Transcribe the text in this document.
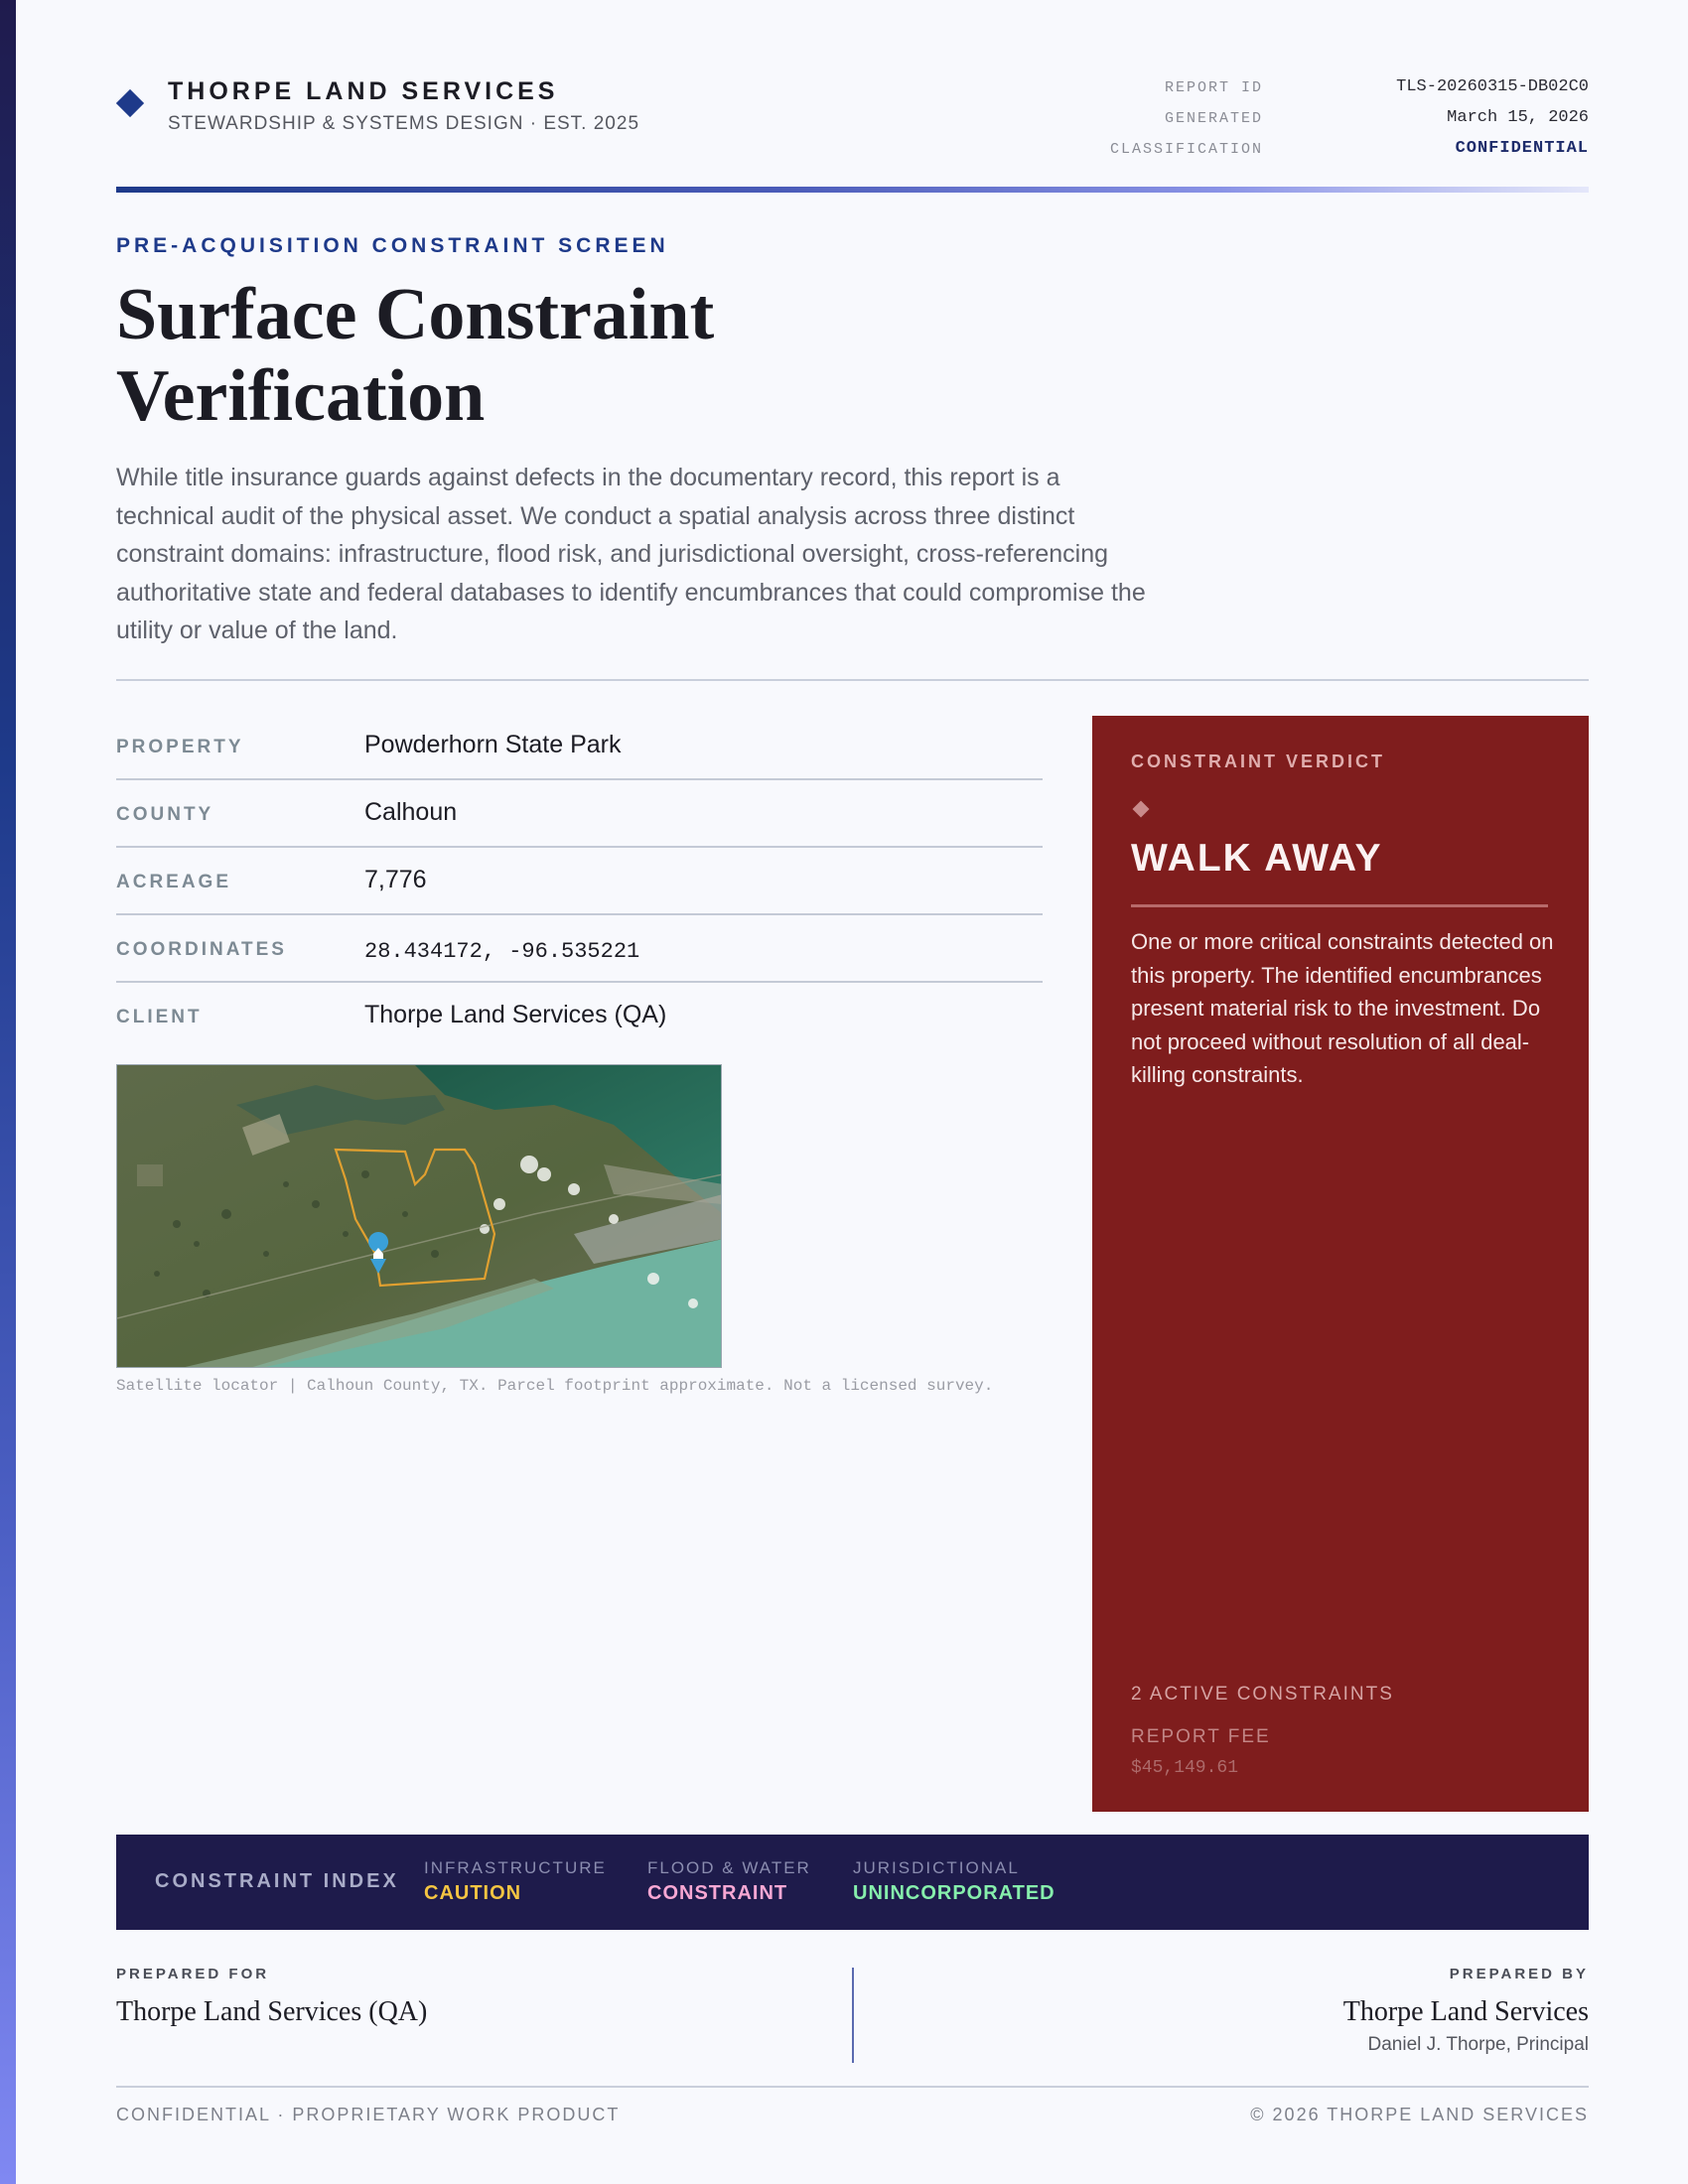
THORPE LAND SERVICES
STEWARDSHIP & SYSTEMS DESIGN · EST. 2025
REPORT ID	TLS-20260315-DB02C0
GENERATED	March 15, 2026
CLASSIFICATION	CONFIDENTIAL
PRE-ACQUISITION CONSTRAINT SCREEN
Surface Constraint Verification

While title insurance guards against defects in the documentary record, this report is a technical audit of the physical asset. We conduct a spatial analysis across three distinct constraint domains: infrastructure, flood risk, and jurisdictional oversight, cross-referencing authoritative state and federal databases to identify encumbrances that could compromise the utility or value of the land.

PROPERTY	Powderhorn State Park
COUNTY	Calhoun
ACREAGE	7,776
COORDINATES	28.434172, -96.535221
CLIENT	Thorpe Land Services (QA)
Satellite locator | Calhoun County, TX. Parcel footprint approximate. Not a licensed survey.
CONSTRAINT VERDICT
WALK AWAY

One or more critical constraints detected on this property. The identified encumbrances present material risk to the investment. Do not proceed without resolution of all deal-killing constraints.

2 ACTIVE CONSTRAINTS
REPORT FEE
$45,149.61
CONSTRAINT INDEX
INFRASTRUCTURE
CAUTION
FLOOD & WATER
CONSTRAINT
JURISDICTIONAL
UNINCORPORATED
PREPARED FOR
Thorpe Land Services (QA)
PREPARED BY
Thorpe Land Services
Daniel J. Thorpe, Principal
CONFIDENTIAL · PROPRIETARY WORK PRODUCT	© 2026 THORPE LAND SERVICES
